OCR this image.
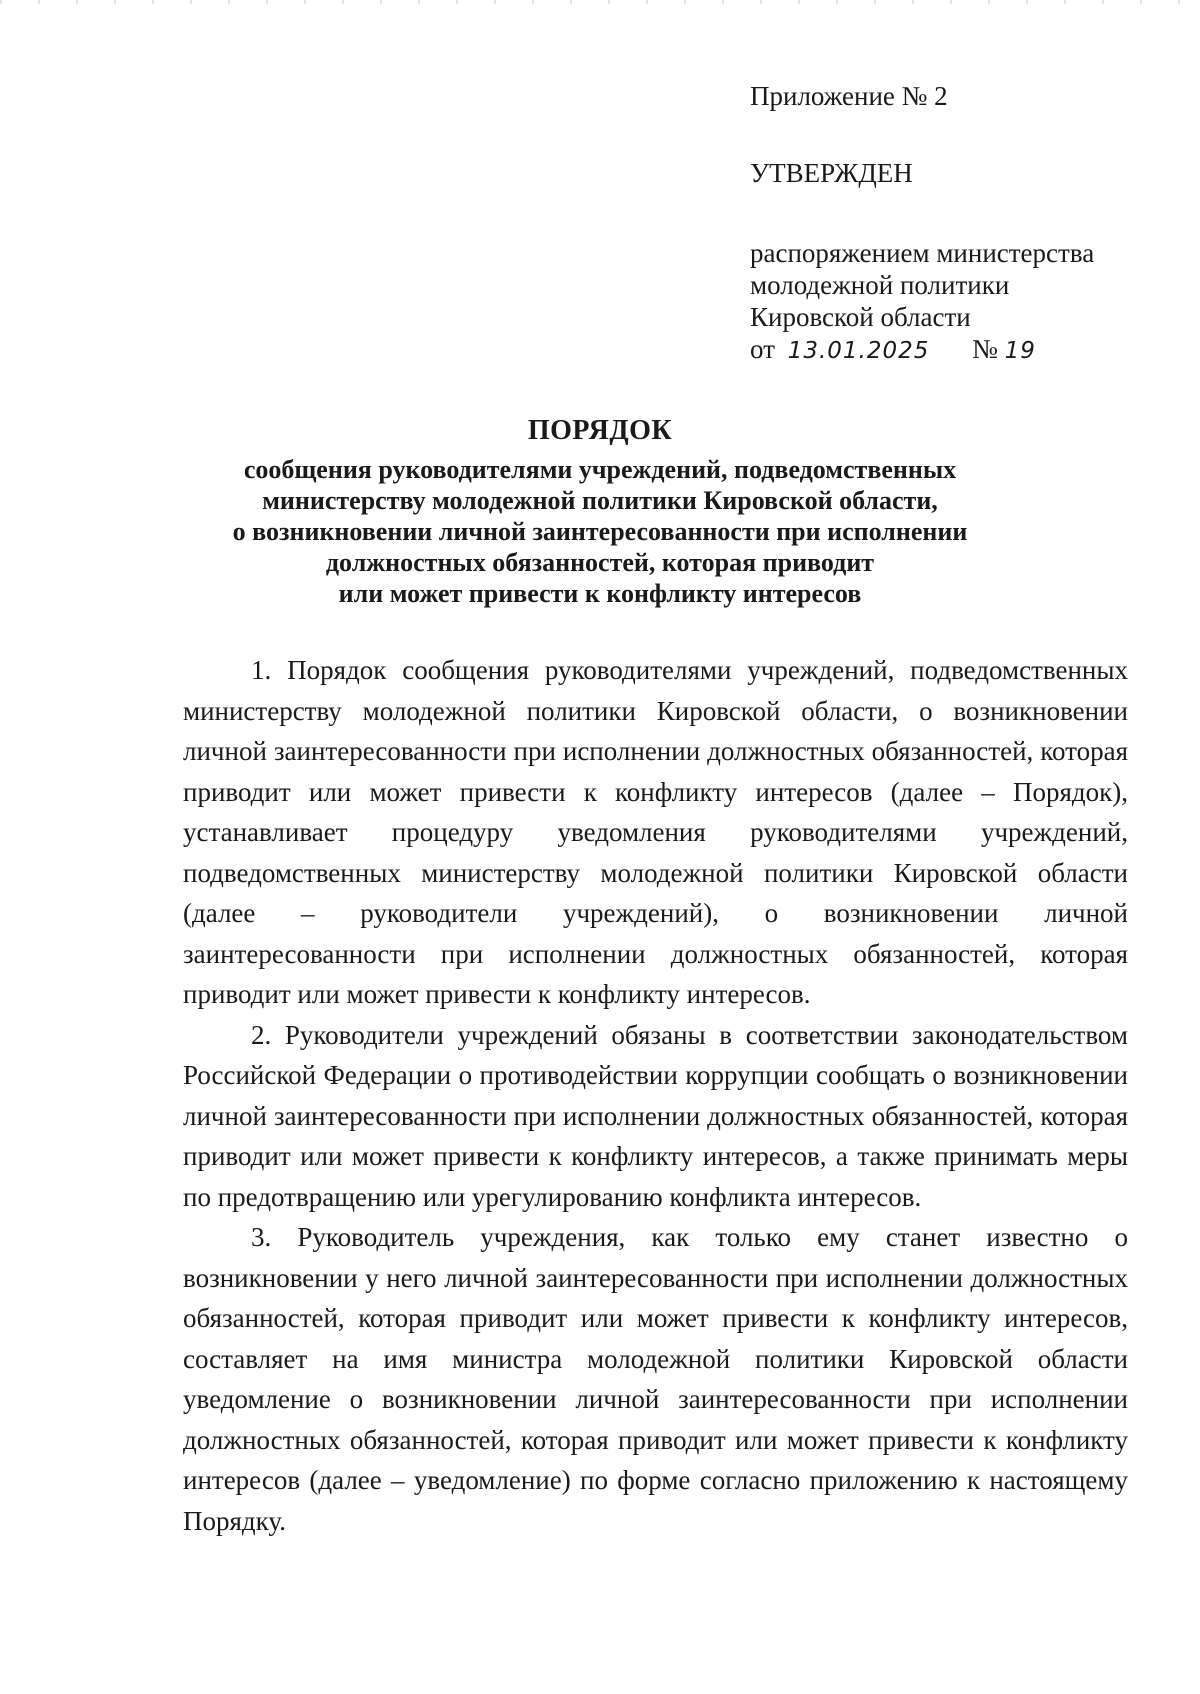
Приложение № 2

УТВЕРЖДЕН

распоряжением министерства
молодежной политики
Кировской области
от 13.01.2025 № 19
ПОРЯДОК
сообщения руководителями учреждений, подведомственных
министерству молодежной политики Кировской области,
о возникновении личной заинтересованности при исполнении
должностных обязанностей, которая приводит
или может привести к конфликту интересов

1. Порядок сообщения руководителями учреждений, подведомственных министерству молодежной политики Кировской области, о возникновении личной заинтересованности при исполнении должностных обязанностей, которая приводит или может привести к конфликту интересов (далее – Порядок), устанавливает процедуру уведомления руководителями учреждений, подведомственных министерству молодежной политики Кировской области (далее – руководители учреждений), о возникновении личной заинтересованности при исполнении должностных обязанностей, которая приводит или может привести к конфликту интересов.

2. Руководители учреждений обязаны в соответствии законодательством Российской Федерации о противодействии коррупции сообщать о возникновении личной заинтересованности при исполнении должностных обязанностей, которая приводит или может привести к конфликту интересов, а также принимать меры по предотвращению или урегулированию конфликта интересов.

3. Руководитель учреждения, как только ему станет известно о возникновении у него личной заинтересованности при исполнении должностных обязанностей, которая приводит или может привести к конфликту интересов, составляет на имя министра молодежной политики Кировской области уведомление о возникновении личной заинтересованности при исполнении должностных обязанностей, которая приводит или может привести к конфликту интересов (далее – уведомление) по форме согласно приложению к настоящему Порядку.
